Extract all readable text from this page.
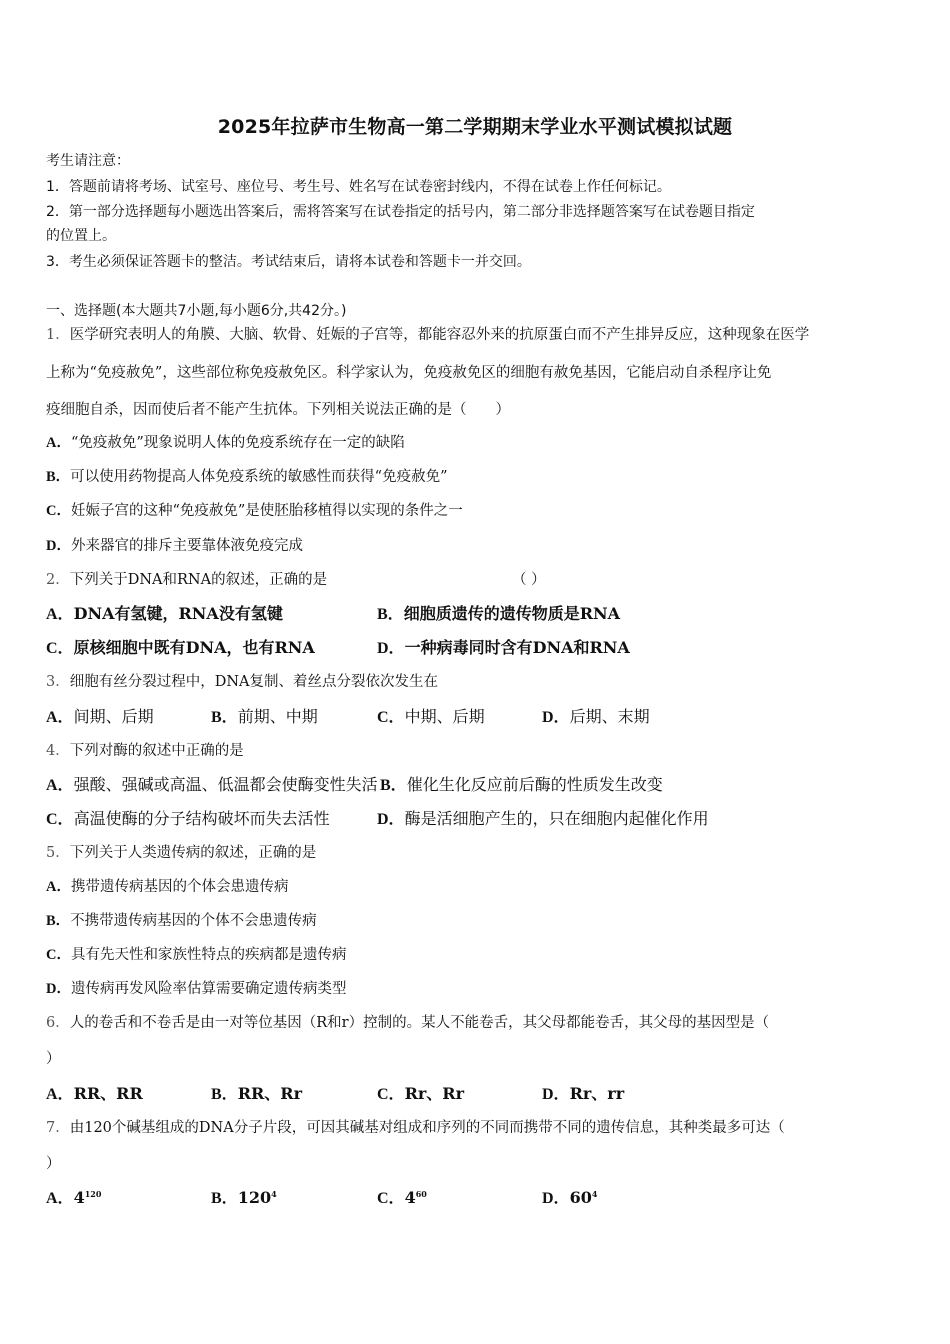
2025年拉萨市生物高一第二学期期末学业水平测试模拟试题
考生请注意：
1．答题前请将考场、试室号、座位号、考生号、姓名写在试卷密封线内，不得在试卷上作任何标记。
2．第一部分选择题每小题选出答案后，需将答案写在试卷指定的括号内，第二部分非选择题答案写在试卷题目指定
的位置上。
3．考生必须保证答题卡的整洁。考试结束后，请将本试卷和答题卡一并交回。
一、选择题(本大题共7小题,每小题6分,共42分。)
1．医学研究表明人的角膜、大脑、软骨、妊娠的子宫等，都能容忍外来的抗原蛋白而不产生排异反应，这种现象在医学
上称为“免疫赦免”，这些部位称免疫赦免区。科学家认为，免疫赦免区的细胞有赦免基因，它能启动自杀程序让免
疫细胞自杀，因而使后者不能产生抗体。下列相关说法正确的是（　　）
A．“免疫赦免”现象说明人体的免疫系统存在一定的缺陷
B．可以使用药物提高人体免疫系统的敏感性而获得“免疫赦免”
C．妊娠子宫的这种“免疫赦免”是使胚胎移植得以实现的条件之一
D．外来器官的排斥主要靠体液免疫完成
2．下列关于DNA和RNA的叙述，正确的是	（ ）
A．DNA有氢键，RNA没有氢键	B．细胞质遗传的遗传物质是RNA
C．原核细胞中既有DNA，也有RNA	D．一种病毒同时含有DNA和RNA
3．细胞有丝分裂过程中，DNA复制、着丝点分裂依次发生在
A．间期、后期	B．前期、中期	C．中期、后期	D．后期、末期
4．下列对酶的叙述中正确的是
A．强酸、强碱或高温、低温都会使酶变性失活 B．催化生化反应前后酶的性质发生改变
C．高温使酶的分子结构破坏而失去活性	D．酶是活细胞产生的，只在细胞内起催化作用
5．下列关于人类遗传病的叙述，正确的是
A．携带遗传病基因的个体会患遗传病
B．不携带遗传病基因的个体不会患遗传病
C．具有先天性和家族性特点的疾病都是遗传病
D．遗传病再发风险率估算需要确定遗传病类型
6．人的卷舌和不卷舌是由一对等位基因（R和r）控制的。某人不能卷舌，其父母都能卷舌，其父母的基因型是（
）
A．RR、RR	B．RR、Rr	C．Rr、Rr	D．Rr、rr
7．由120个碱基组成的DNA分子片段，可因其碱基对组成和序列的不同而携带不同的遗传信息，其种类最多可达（
）
A．$4^{120}$	B．$120^4$	C．$4^{60}$	D．$60^4$
